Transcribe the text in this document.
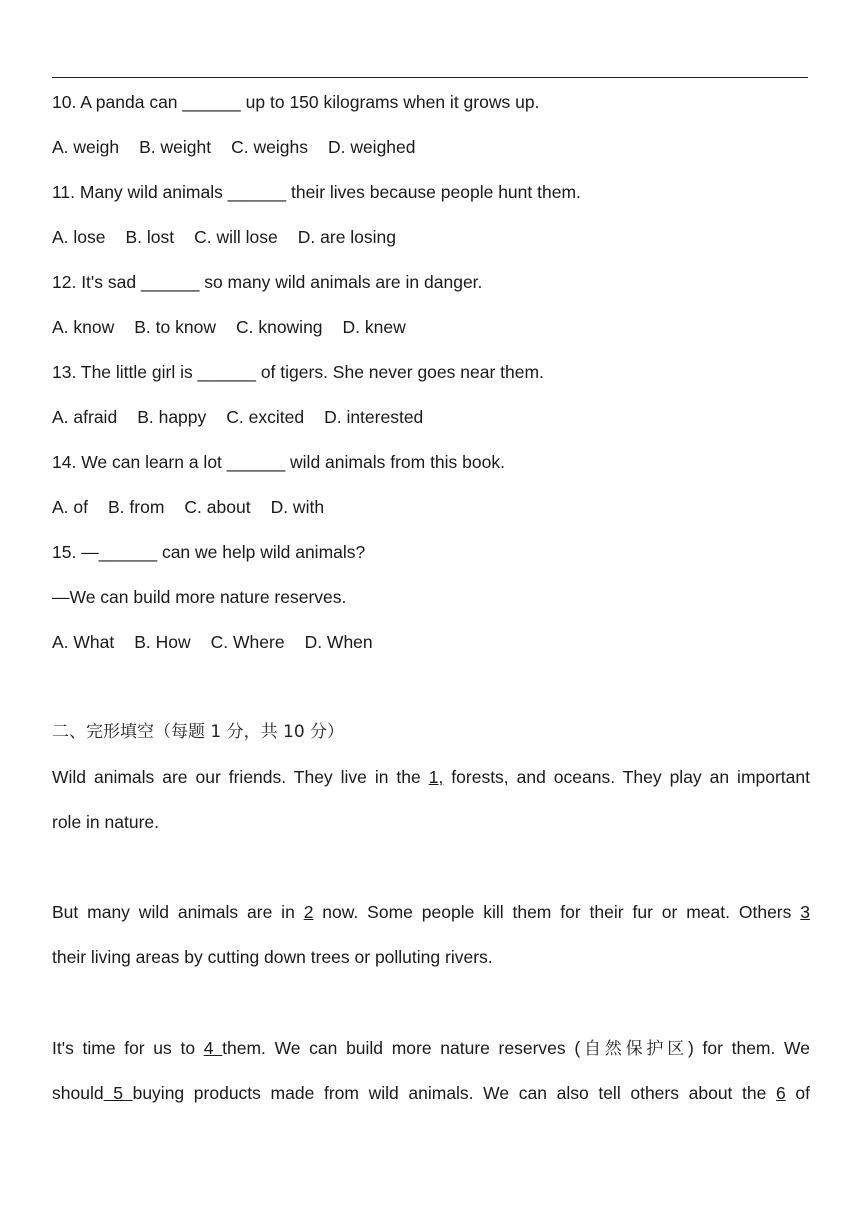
10. A panda can ______ up to 150 kilograms when it grows up.
A. weigh B. weight C. weighs D. weighed
11. Many wild animals ______ their lives because people hunt them.
A. lose B. lost C. will lose D. are losing
12. It's sad ______ so many wild animals are in danger.
A. know B. to know C. knowing D. knew
13. The little girl is ______ of tigers. She never goes near them.
A. afraid B. happy C. excited D. interested
14. We can learn a lot ______ wild animals from this book.
A. of B. from C. about D. with
15. —______ can we help wild animals?
—We can build more nature reserves.
A. What B. How C. Where D. When
二、完形填空（每题 1 分，共 10 分）
Wild animals are our friends. They live in the 1, forests, and oceans. They play an important
role in nature.
But many wild animals are in 2 now. Some people kill them for their fur or meat. Others 3
their living areas by cutting down trees or polluting rivers.
It's time for us to 4 them. We can build more nature reserves (自然保护区) for them. We
should 5 buying products made from wild animals. We can also tell others about the 6 of
